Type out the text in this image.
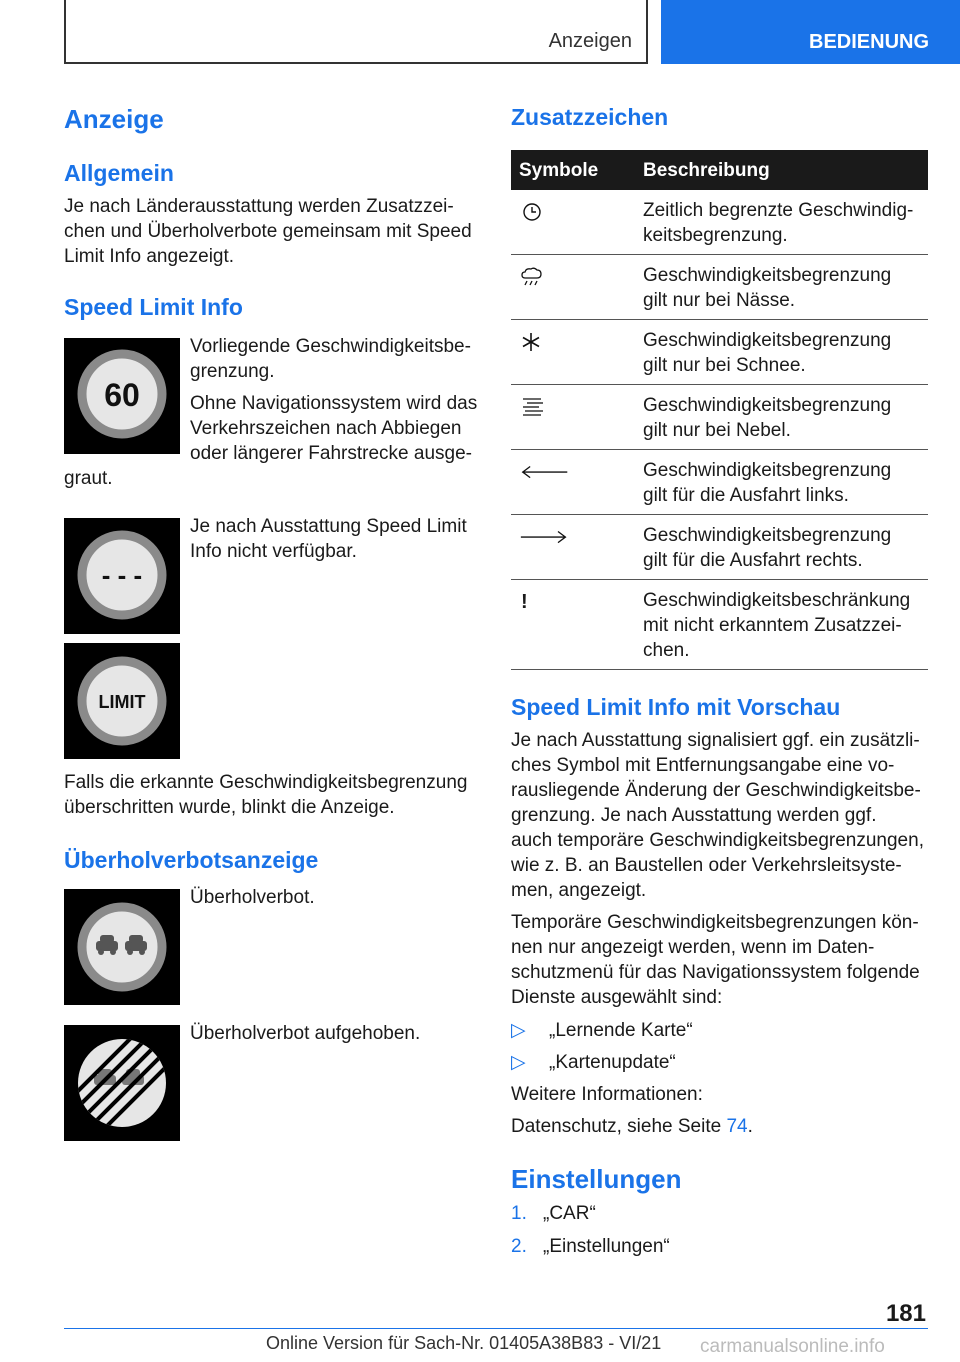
Anzeigen	BEDIENUNG
Anzeige
Allgemein
Je nach Länderausstattung werden Zusatzzei-
chen und Überholverbote gemeinsam mit Speed
Limit Info angezeigt.
Speed Limit Info
60
Vorliegende Geschwindigkeitsbe-
grenzung.
Ohne Navigationssystem wird das
Verkehrszeichen nach Abbiegen
oder längerer Fahrstrecke ausge-
graut.
- - -
Je nach Ausstattung Speed Limit
Info nicht verfügbar.
LIMIT
Falls die erkannte Geschwindigkeitsbegrenzung
überschritten wurde, blinkt die Anzeige.
Überholverbotsanzeige
Überholverbot.
Überholverbot aufgehoben.
Zusatzzeichen
Symbole Beschreibung
Zeitlich begrenzte Geschwindig-
keitsbegrenzung.
Geschwindigkeitsbegrenzung
gilt nur bei Nässe.
Geschwindigkeitsbegrenzung
gilt nur bei Schnee.
Geschwindigkeitsbegrenzung
gilt nur bei Nebel.
Geschwindigkeitsbegrenzung
gilt für die Ausfahrt links.
Geschwindigkeitsbegrenzung
gilt für die Ausfahrt rechts.
!	Geschwindigkeitsbeschränkung
mit nicht erkanntem Zusatzzei-
chen.
Speed Limit Info mit Vorschau
Je nach Ausstattung signalisiert ggf. ein zusätzli-
ches Symbol mit Entfernungsangabe eine vo-
rausliegende Änderung der Geschwindigkeitsbe-
grenzung. Je nach Ausstattung werden ggf.
auch temporäre Geschwindigkeitsbegrenzungen,
wie z. B. an Baustellen oder Verkehrsleitsyste-
men, angezeigt.
Temporäre Geschwindigkeitsbegrenzungen kön-
nen nur angezeigt werden, wenn im Daten-
schutzmenü für das Navigationssystem folgende
Dienste ausgewählt sind:
▷ „Lernende Karte“
▷ „Kartenupdate“
Weitere Informationen:
Datenschutz, siehe Seite 74.
Einstellungen
1. „CAR“
2. „Einstellungen“
181
Online Version für Sach-Nr. 01405A38B83 - VI/21 carmanualsonline.info
